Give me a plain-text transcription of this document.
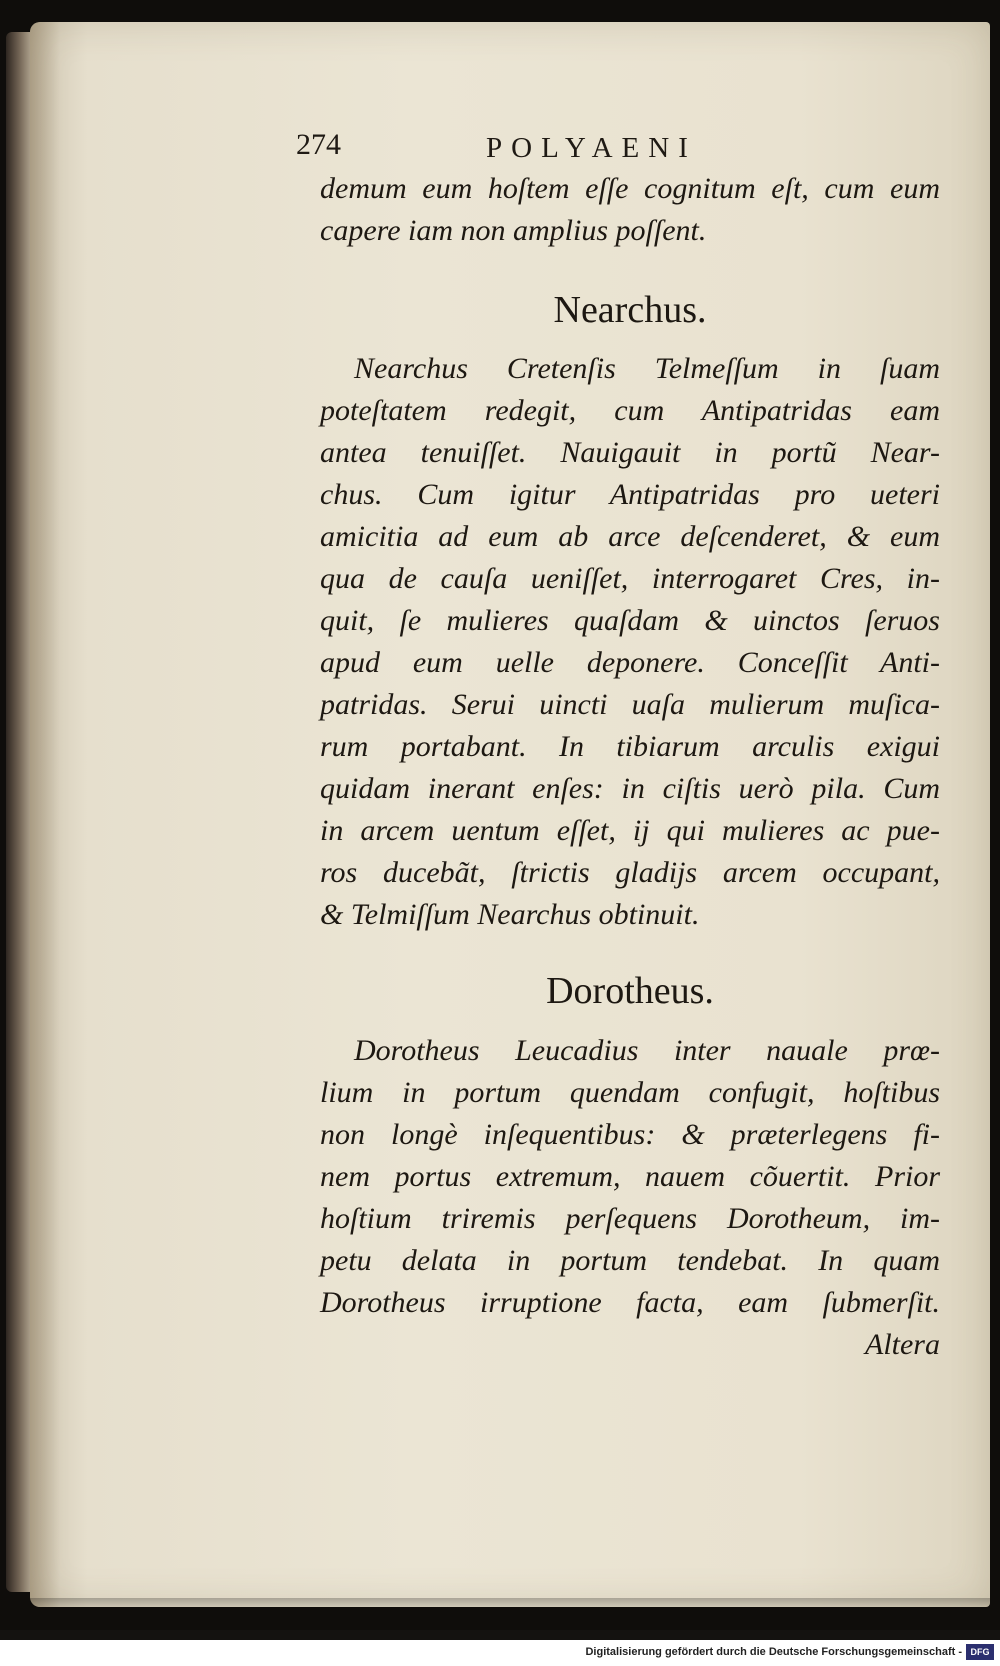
274	POLYAENI
demum eum hoſtem eſſe cognitum eſt, cum eum
capere iam non amplius poſſent.
Nearchus.
Nearchus Cretenſis Telmeſſum in ſuam
poteſtatem redegit, cum Antipatridas eam
antea tenuiſſet. Nauigauit in portũ Near-
chus. Cum igitur Antipatridas pro ueteri
amicitia ad eum ab arce deſcenderet, & eum
qua de cauſa ueniſſet, interrogaret Cres, in-
quit, ſe mulieres quaſdam & uinctos ſeruos
apud eum uelle deponere. Conceſſit Anti-
patridas. Serui uincti uaſa mulierum muſica-
rum portabant. In tibiarum arculis exigui
quidam inerant enſes: in ciſtis uerò pila. Cum
in arcem uentum eſſet, ij qui mulieres ac pue-
ros ducebãt, ſtrictis gladijs arcem occupant,
& Telmiſſum Nearchus obtinuit.
Dorotheus.
Dorotheus Leucadius inter nauale prœ-
lium in portum quendam confugit, hoſtibus
non longè inſequentibus: & præterlegens fi-
nem portus extremum, nauem cõuertit. Prior
hoſtium triremis perſequens Dorotheum, im-
petu delata in portum tendebat. In quam
Dorotheus irruptione facta, eam ſubmerſit.
Altera
Digitalisierung gefördert durch die Deutsche Forschungsgemeinschaft - DFG
